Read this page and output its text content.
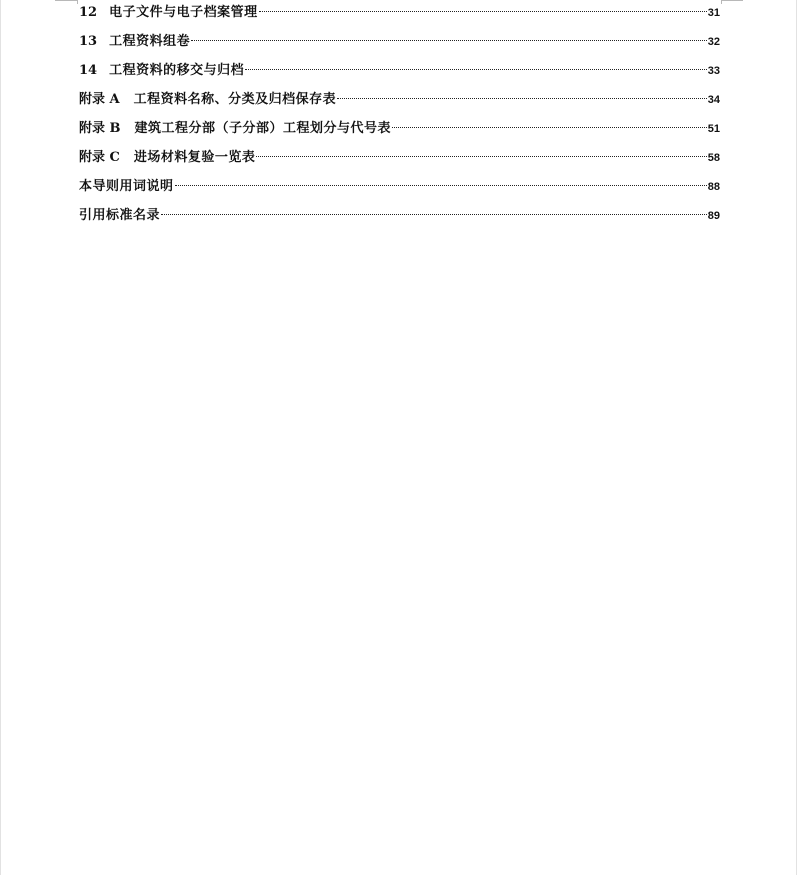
12 电子文件与电子档案管理	31
13 工程资料组卷	32
14 工程资料的移交与归档	33
附录 A 工程资料名称、分类及归档保存表	34
附录 B 建筑工程分部（子分部）工程划分与代号表	51
附录 C 进场材料复验一览表	58
本导则用词说明	88
引用标准名录	89
